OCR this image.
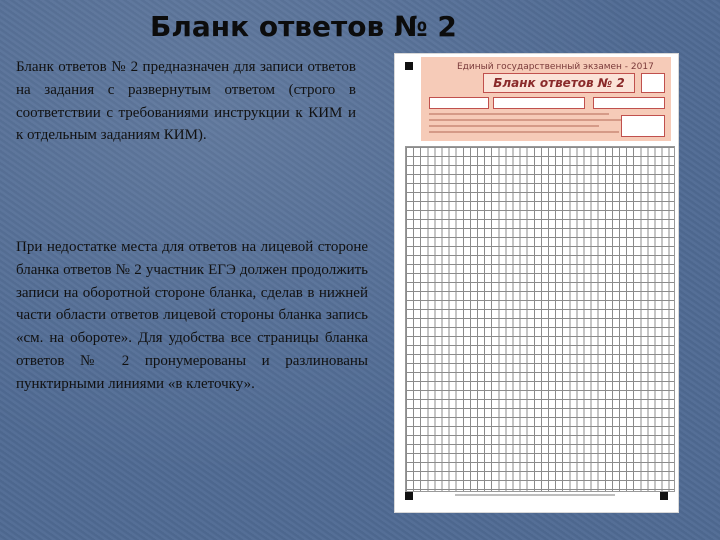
Бланк ответов № 2

Бланк ответов № 2 предназначен для записи ответов на задания с развернутым ответом (строго в соответствии с требованиями инструкции к КИМ и к отдельным заданиям КИМ).

При недостатке места для ответов на лицевой стороне бланка ответов № 2 участник ЕГЭ должен продолжить записи на оборотной стороне бланка, сделав в нижней части области ответов лицевой стороны бланка запись «см. на обороте». Для удобства все страницы бланка ответов № 2 пронумерованы и разлинованы пунктирными линиями «в клеточку».

Единый государственный экзамен - 2017
Бланк ответов № 2
